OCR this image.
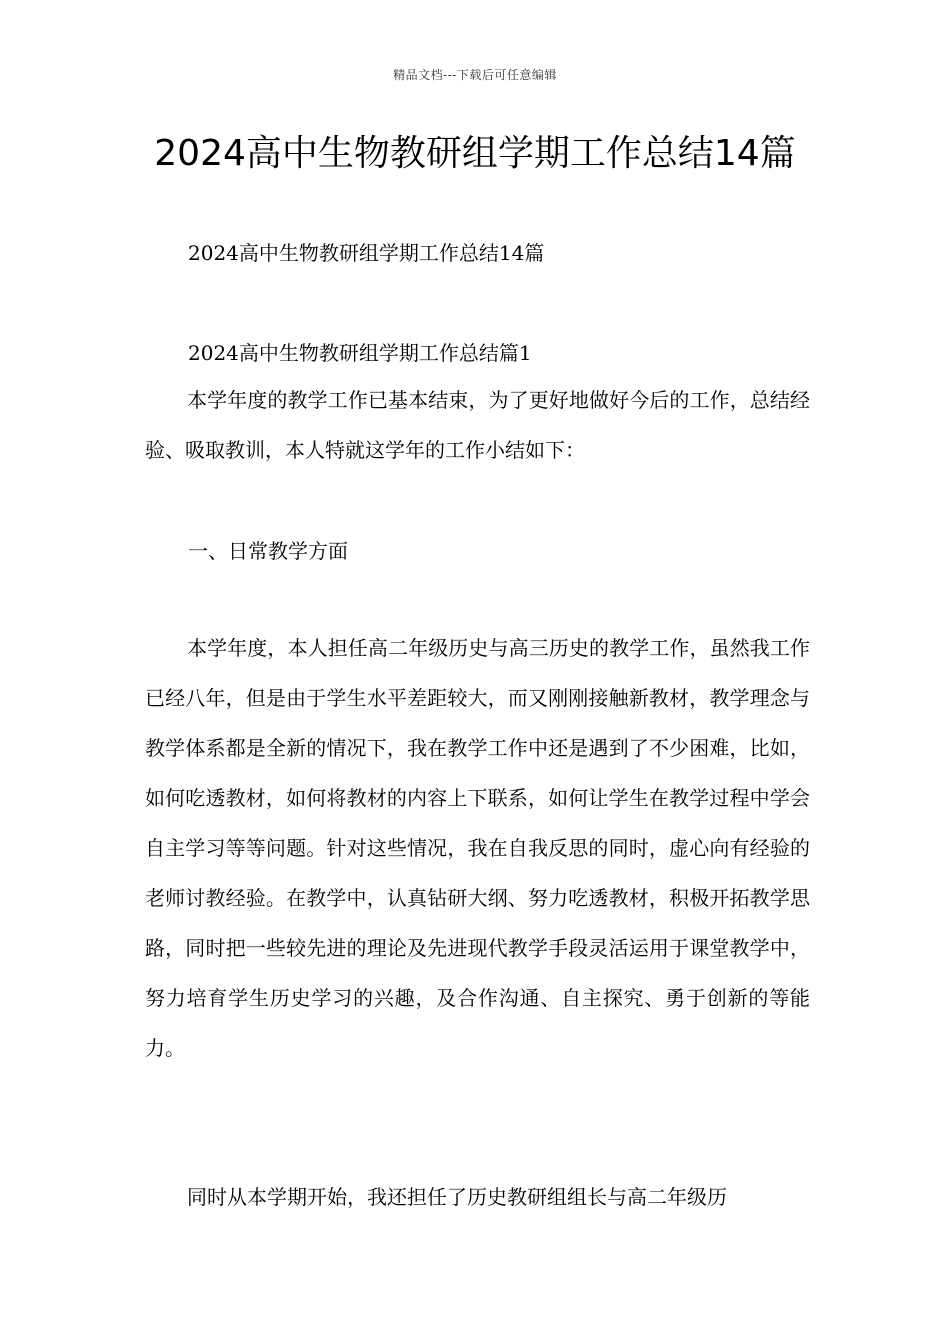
精品文档---下载后可任意编辑
2024高中生物教研组学期工作总结14篇
2024高中生物教研组学期工作总结14篇
2024高中生物教研组学期工作总结篇1

本学年度的教学工作已基本结束，为了更好地做好今后的工作，总结经验、吸取教训，本人特就这学年的工作小结如下：

一、日常教学方面

本学年度，本人担任高二年级历史与高三历史的教学工作，虽然我工作已经八年，但是由于学生水平差距较大，而又刚刚接触新教材，教学理念与教学体系都是全新的情况下，我在教学工作中还是遇到了不少困难，比如，如何吃透教材，如何将教材的内容上下联系，如何让学生在教学过程中学会自主学习等等问题。针对这些情况，我在自我反思的同时，虚心向有经验的老师讨教经验。在教学中，认真钻研大纲、努力吃透教材，积极开拓教学思路，同时把一些较先进的理论及先进现代教学手段灵活运用于课堂教学中，努力培育学生历史学习的兴趣，及合作沟通、自主探究、勇于创新的等能力。

同时从本学期开始，我还担任了历史教研组组长与高二年级历
